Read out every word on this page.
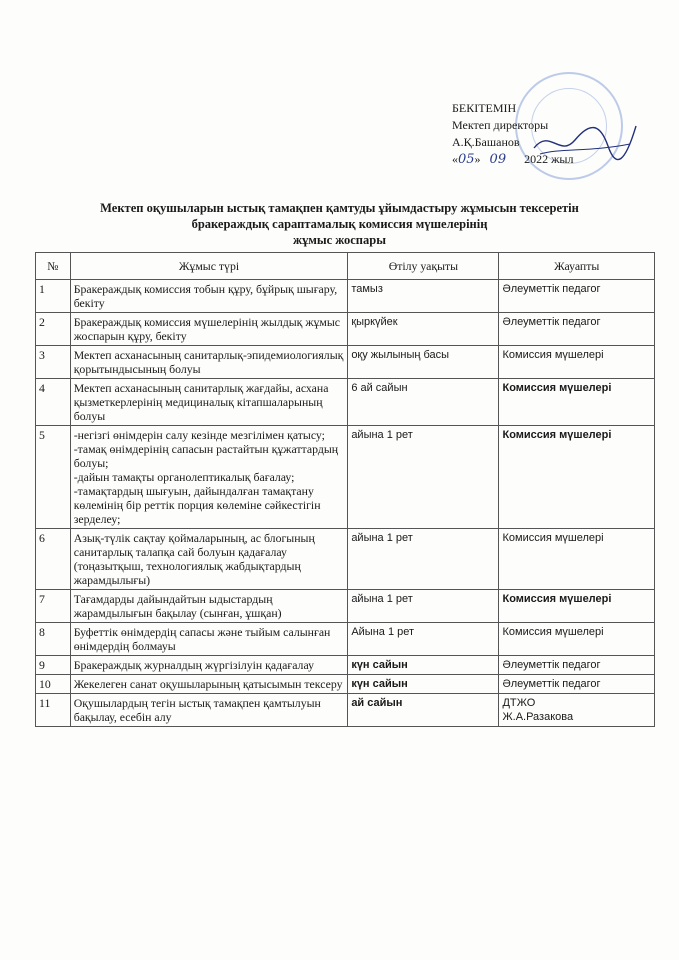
БЕКІТЕМІН
Мектеп директоры
А.Қ.Башанов
«05» 09 2022 жыл
Мектеп оқушыларын ыстық тамақпен қамтуды ұйымдастыру жұмысын тексеретін
бракераждық сараптамалық комиссия мүшелерінің
жұмыс жоспары
№	Жұмыс түрі	Өтілу уақыты	Жауапты
1	Бракераждық комиссия тобын құру, бұйрық шығару, бекіту	тамыз	Әлеуметтік педагог

2	Бракераждық комиссия мүшелерінің жылдық жұмыс жоспарын құру, бекіту	қыркүйек	Әлеуметтік педагог

3	Мектеп асханасының санитарлық-эпидемиологиялық қорытындысының болуы	оқу жылының басы	Комиссия мүшелері

4	Мектеп асханасының санитарлық жағдайы, асхана қызметкерлерінің медициналық кітапшаларының болуы	6 ай сайын	Комиссия мүшелері

5	-негізгі өнімдерін салу кезінде мезгілімен қатысу;
-тамақ өнімдерінің сапасын растайтын құжаттардың болуы;
-дайын тамақты органолептикалық бағалау;
-тамақтардың шығуын, дайындалған тамақтану көлемінің бір реттік порция көлеміне сәйкестігін зерделеу;	айына 1 рет	Комиссия мүшелері

6	Азық-түлік сақтау қоймаларының, ас блогының санитарлық талапқа сай болуын қадағалау (тоңазытқыш, технологиялық жабдықтардың жарамдылығы)	айына 1 рет	Комиссия мүшелері

7	Тағамдарды дайындайтын ыдыстардың жарамдылығын бақылау (сынған, ұшқан)	айына 1 рет	Комиссия мүшелері

8	Буфеттік өнімдердің сапасы және тыйым салынған өнімдердің болмауы	Айына 1 рет	Комиссия мүшелері

9	Бракераждық журналдың жүргізілуін қадағалау	күн сайын	Әлеуметтік педагог

10	Жекелеген санат оқушыларының қатысымын тексеру	күн сайын	Әлеуметтік педагог

11	Оқушылардың тегін ыстық тамақпен қамтылуын бақылау, есебін алу	ай сайын	ДТЖО
Ж.А.Разакова
